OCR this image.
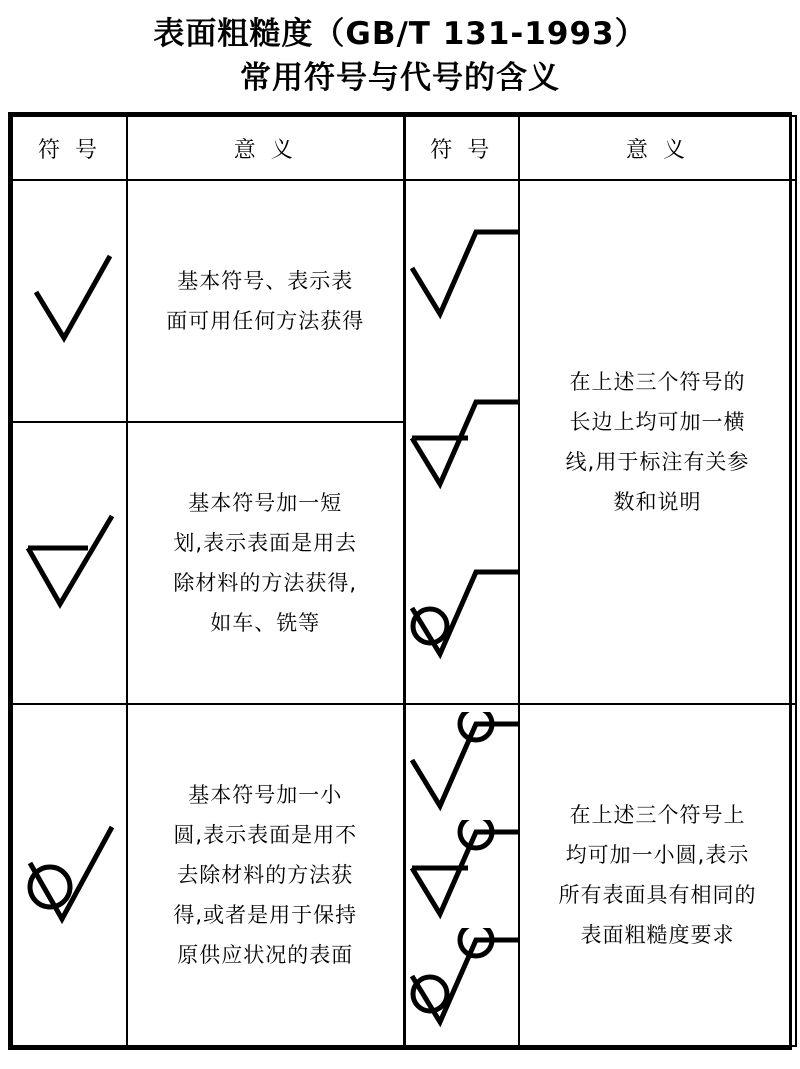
表面粗糙度（GB/T 131-1993）
常用符号与代号的含义
符 号	意 义	符 号	意 义

基本符号、表示表
面可用任何方法获得		在上述三个符号的
长边上均可加一横
线,用于标注有关参
数和说明

基本符号加一短
划,表示表面是用去
除材料的方法获得,
如车、铣等		

基本符号加一小
圆,表示表面是用不
去除材料的方法获
得,或者是用于保持
原供应状况的表面		在上述三个符号上
均可加一小圆,表示
所有表面具有相同的
表面粗糙度要求
